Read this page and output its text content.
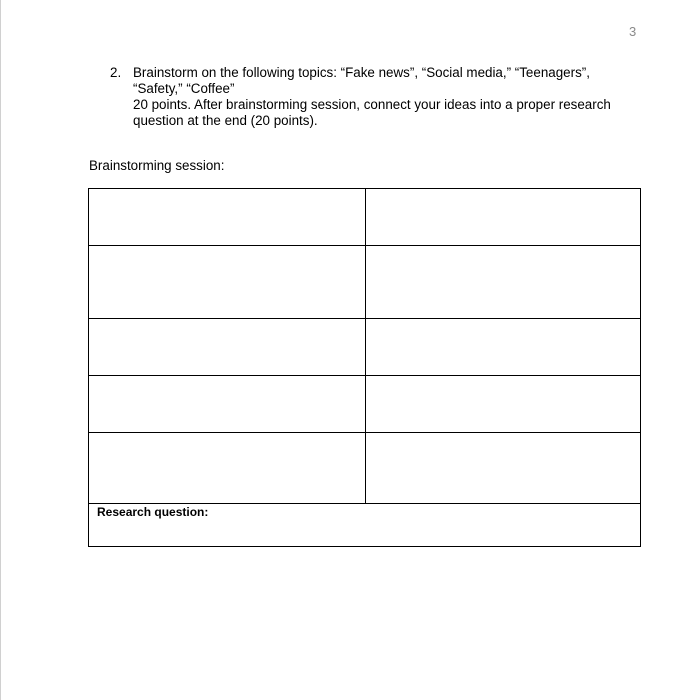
3
2. Brainstorm on the following topics: “Fake news”, “Social media,” “Teenagers”,
“Safety,” “Coffee”
20 points. After brainstorming session, connect your ideas into a proper research
question at the end (20 points).
Brainstorming session:

Research question:	
